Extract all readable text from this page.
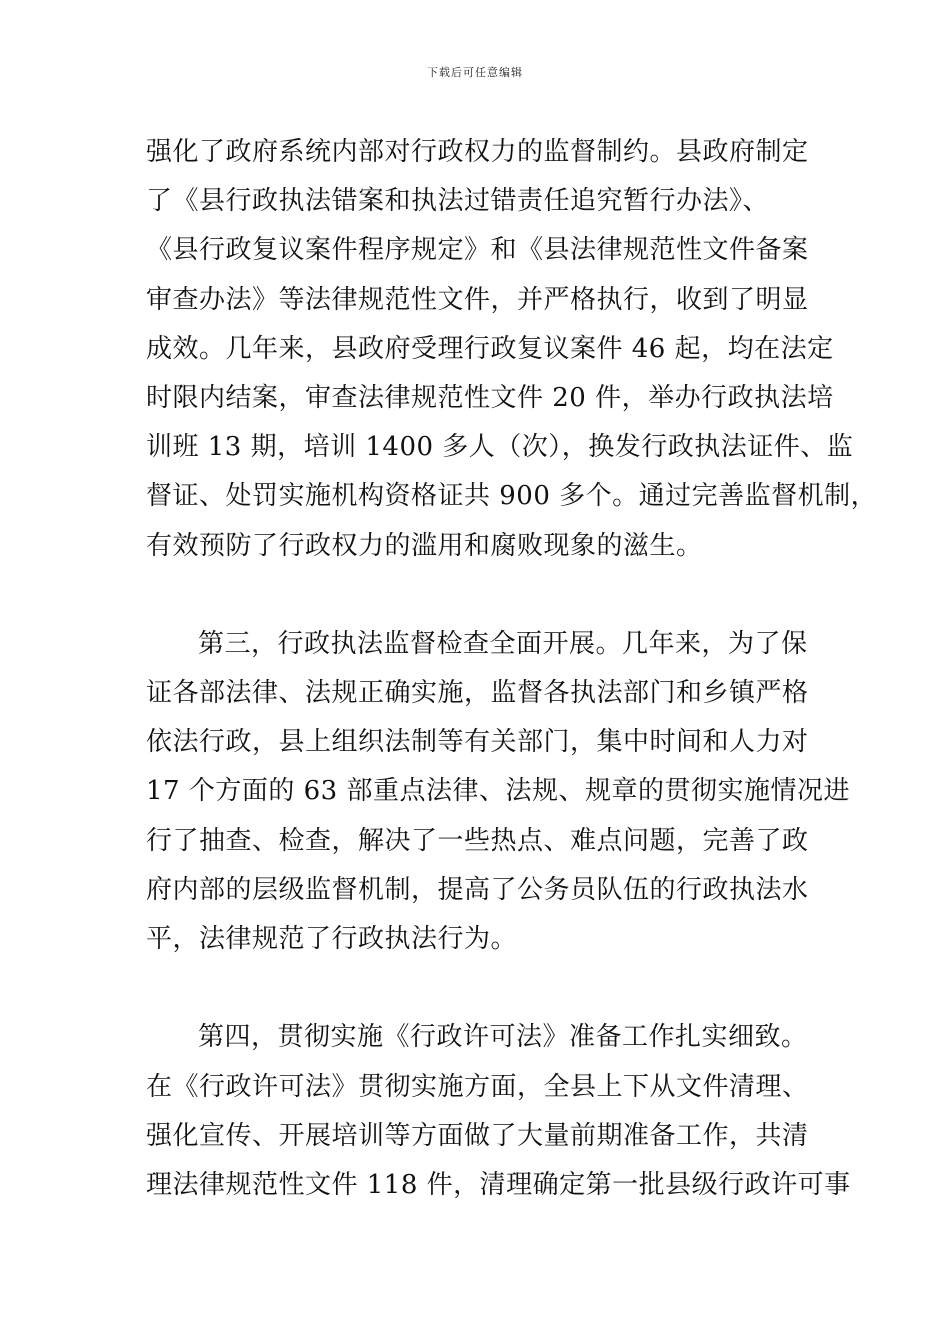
下载后可任意编辑
强化了政府系统内部对行政权力的监督制约。县政府制定
了《县行政执法错案和执法过错责任追究暂行办法》、
《县行政复议案件程序规定》和《县法律规范性文件备案
审查办法》等法律规范性文件，并严格执行，收到了明显
成效。几年来，县政府受理行政复议案件 46 起，均在法定
时限内结案，审查法律规范性文件 20 件，举办行政执法培
训班 13 期，培训 1400 多人（次），换发行政执法证件、监
督证、处罚实施机构资格证共 900 多个。通过完善监督机制，
有效预防了行政权力的滥用和腐败现象的滋生。
第三，行政执法监督检查全面开展。几年来，为了保
证各部法律、法规正确实施，监督各执法部门和乡镇严格
依法行政，县上组织法制等有关部门，集中时间和人力对
17 个方面的 63 部重点法律、法规、规章的贯彻实施情况进
行了抽查、检查，解决了一些热点、难点问题，完善了政
府内部的层级监督机制，提高了公务员队伍的行政执法水
平，法律规范了行政执法行为。
第四，贯彻实施《行政许可法》准备工作扎实细致。
在《行政许可法》贯彻实施方面，全县上下从文件清理、
强化宣传、开展培训等方面做了大量前期准备工作，共清
理法律规范性文件 118 件，清理确定第一批县级行政许可事
